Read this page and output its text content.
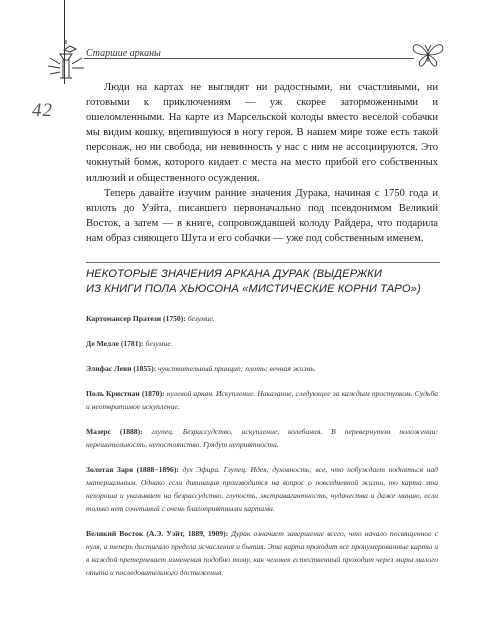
Старшие арканы
42

Люди на картах не выглядят ни радостными, ни счастливыми, ни готовыми к приключениям — уж скорее заторможенными и ошеломленными. На карте из Марсельской колоды вместо веселой собачки мы видим кошку, вцепившуюся в ногу героя. В нашем мире тоже есть такой персонаж, но ни свобода, ни невинность у нас с ним не ассоциируются. Это чокнутый бомж, которого кидает с места на место прибой его собственных иллюзий и общественного осуждения.

Теперь давайте изучим ранние значения Дурака, начиная с 1750 года и вплоть до Уэйта, писавшего первоначально под псевдонимом Великий Восток, а затем — в книге, сопровождавшей колоду Райдера, что подарила нам образ сияющего Шута и его собачки — уже под собственным именем.

НЕКОТОРЫЕ ЗНАЧЕНИЯ АРКАНА ДУРАК (ВЫДЕРЖКИ
ИЗ КНИГИ ПОЛА ХЬЮСОНА «МИСТИЧЕСКИЕ КОРНИ ТАРО»)

Картомансер Пратези (1750): безумие.

Де Мелле (1781): безумие.

Элифас Леви (1855): чувствительный принцип; плоть; вечная жизнь.

Поль Кристиан (1870): нулевой аркан. Искупление. Наказание, следующее за каждым проступком. Судьба и неотвратимое искупление.

Мазерс (1888): глупец. Безрассудство, искупление, колебания. В перевернутом положении: нерешительность, непостоянство. Грядут неприятности.

Золотая Заря (1888−1896): дух Эфира. Глупец. Идея, духовность; все, что побуждает подняться над материальным. Однако если дивинация производится на вопрос о повседневной жизни, то карта эта нехороша и указывает на безрассудство, глупость, экстравагантность, чудачества и даже манию, если только нет сочетаний с очень благоприятными картами.

Великий Восток (А.Э. Уэйт, 1889, 1909): Дурак означает завершение всего, что начало посвященное с нуля, а теперь достигало предела исчисления и бытия. Эта карта проходит все пронумерованные карты и в каждой претерпевает изменения подобно тому, как человек естественный проходит через миры малого опыта и последовательного достижения.
